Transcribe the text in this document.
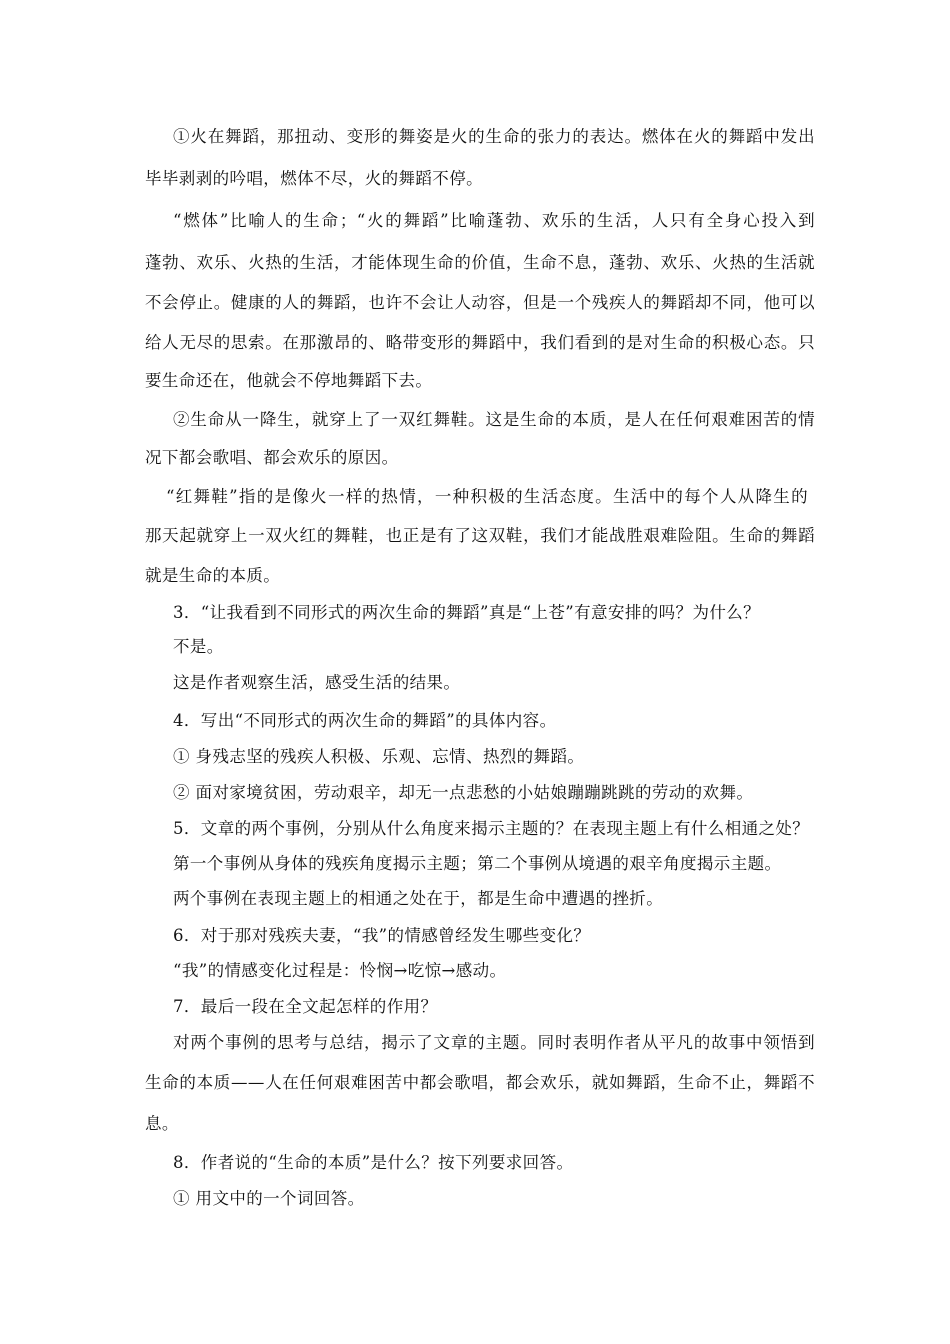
①火在舞蹈，那扭动、变形的舞姿是火的生命的张力的表达。燃体在火的舞蹈中发出
毕毕剥剥的吟唱，燃体不尽，火的舞蹈不停。
“燃体”比喻人的生命；“火的舞蹈”比喻蓬勃、欢乐的生活，人只有全身心投入到
蓬勃、欢乐、火热的生活，才能体现生命的价值，生命不息，蓬勃、欢乐、火热的生活就
不会停止。健康的人的舞蹈，也许不会让人动容，但是一个残疾人的舞蹈却不同，他可以
给人无尽的思索。在那激昂的、略带变形的舞蹈中，我们看到的是对生命的积极心态。只
要生命还在，他就会不停地舞蹈下去。
②生命从一降生，就穿上了一双红舞鞋。这是生命的本质，是人在任何艰难困苦的情
况下都会歌唱、都会欢乐的原因。
“红舞鞋”指的是像火一样的热情，一种积极的生活态度。生活中的每个人从降生的
那天起就穿上一双火红的舞鞋，也正是有了这双鞋，我们才能战胜艰难险阻。生命的舞蹈
就是生命的本质。
3．“让我看到不同形式的两次生命的舞蹈”真是“上苍”有意安排的吗？为什么？
不是。
这是作者观察生活，感受生活的结果。
4．写出“不同形式的两次生命的舞蹈”的具体内容。
① 身残志坚的残疾人积极、乐观、忘情、热烈的舞蹈。
② 面对家境贫困，劳动艰辛，却无一点悲愁的小姑娘蹦蹦跳跳的劳动的欢舞。
5．文章的两个事例，分别从什么角度来揭示主题的？在表现主题上有什么相通之处？
第一个事例从身体的残疾角度揭示主题；第二个事例从境遇的艰辛角度揭示主题。
两个事例在表现主题上的相通之处在于，都是生命中遭遇的挫折。
6．对于那对残疾夫妻，“我”的情感曾经发生哪些变化？
“我”的情感变化过程是：怜悯→吃惊→感动。
7．最后一段在全文起怎样的作用？
对两个事例的思考与总结，揭示了文章的主题。同时表明作者从平凡的故事中领悟到
生命的本质——人在任何艰难困苦中都会歌唱，都会欢乐，就如舞蹈，生命不止，舞蹈不
息。
8．作者说的“生命的本质”是什么？按下列要求回答。
① 用文中的一个词回答。
